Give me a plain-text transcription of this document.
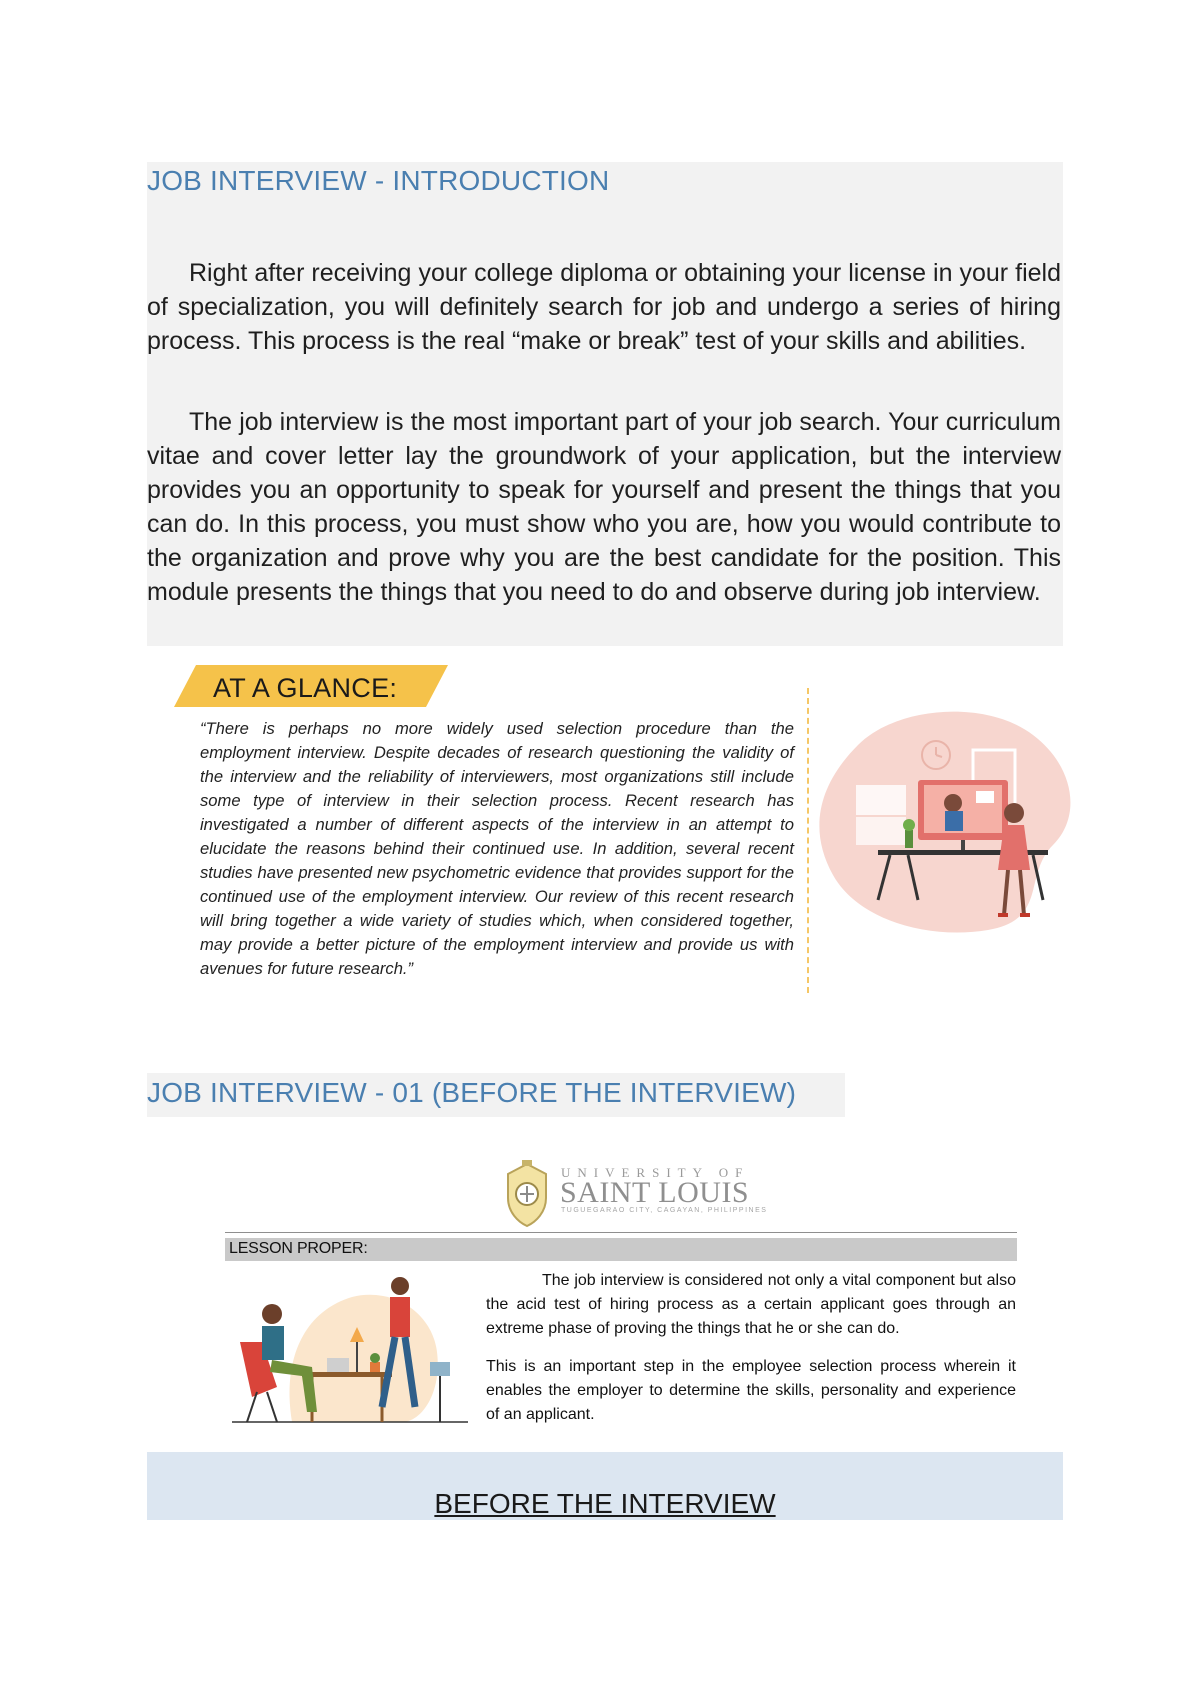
JOB INTERVIEW - INTRODUCTION

Right after receiving your college diploma or obtaining your license in your field of specialization, you will definitely search for job and undergo a series of hiring process. This process is the real “make or break” test of your skills and abilities.

The job interview is the most important part of your job search. Your curriculum vitae and cover letter lay the groundwork of your application, but the interview provides you an opportunity to speak for yourself and present the things that you can do. In this process, you must show who you are, how you would contribute to the organization and prove why you are the best candidate for the position. This module presents the things that you need to do and observe during job interview.

AT A GLANCE:

“There is perhaps no more widely used selection procedure than the employment interview. Despite decades of research questioning the validity of the interview and the reliability of interviewers, most organizations still include some type of interview in their selection process. Recent research has investigated a number of different aspects of the interview in an attempt to elucidate the reasons behind their continued use. In addition, several recent studies have presented new psychometric evidence that provides support for the continued use of the employment interview. Our review of this recent research will bring together a wide variety of studies which, when considered together, may provide a better picture of the employment interview and provide us with avenues for future research.”

JOB INTERVIEW - 01 (BEFORE THE INTERVIEW)
UNIVERSITY OF
SAINT LOUIS
TUGUEGARAO CITY, CAGAYAN, PHILIPPINES
LESSON PROPER:

The job interview is considered not only a vital component but also the acid test of hiring process as a certain applicant goes through an extreme phase of proving the things that he or she can do.

This is an important step in the employee selection process wherein it enables the employer to determine the skills, personality and experience of an applicant.

BEFORE THE INTERVIEW
